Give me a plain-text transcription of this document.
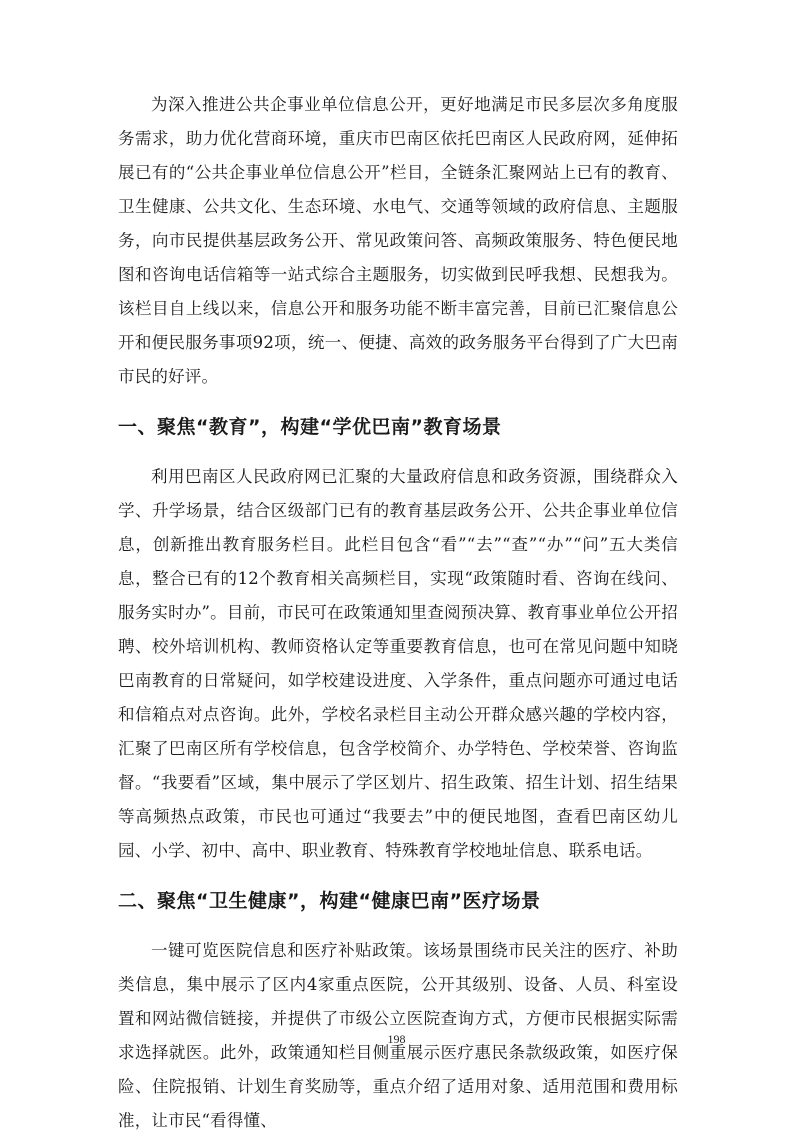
为深入推进公共企事业单位信息公开，更好地满足市民多层次多角度服务需求，助力优化营商环境，重庆市巴南区依托巴南区人民政府网，延伸拓展已有的“公共企事业单位信息公开”栏目，全链条汇聚网站上已有的教育、卫生健康、公共文化、生态环境、水电气、交通等领域的政府信息、主题服务，向市民提供基层政务公开、常见政策问答、高频政策服务、特色便民地图和咨询电话信箱等一站式综合主题服务，切实做到民呼我想、民想我为。该栏目自上线以来，信息公开和服务功能不断丰富完善，目前已汇聚信息公开和便民服务事项92项，统一、便捷、高效的政务服务平台得到了广大巴南市民的好评。

一、聚焦“教育”，构建“学优巴南”教育场景

利用巴南区人民政府网已汇聚的大量政府信息和政务资源，围绕群众入学、升学场景，结合区级部门已有的教育基层政务公开、公共企事业单位信息，创新推出教育服务栏目。此栏目包含“看”“去”“查”“办”“问”五大类信息，整合已有的12个教育相关高频栏目，实现“政策随时看、咨询在线问、服务实时办”。目前，市民可在政策通知里查阅预决算、教育事业单位公开招聘、校外培训机构、教师资格认定等重要教育信息，也可在常见问题中知晓巴南教育的日常疑问，如学校建设进度、入学条件，重点问题亦可通过电话和信箱点对点咨询。此外，学校名录栏目主动公开群众感兴趣的学校内容，汇聚了巴南区所有学校信息，包含学校简介、办学特色、学校荣誉、咨询监督。“我要看”区域，集中展示了学区划片、招生政策、招生计划、招生结果等高频热点政策，市民也可通过“我要去”中的便民地图，查看巴南区幼儿园、小学、初中、高中、职业教育、特殊教育学校地址信息、联系电话。

二、聚焦“卫生健康”，构建“健康巴南”医疗场景

一键可览医院信息和医疗补贴政策。该场景围绕市民关注的医疗、补助类信息，集中展示了区内4家重点医院，公开其级别、设备、人员、科室设置和网站微信链接，并提供了市级公立医院查询方式，方便市民根据实际需求选择就医。此外，政策通知栏目侧重展示医疗惠民条款级政策，如医疗保险、住院报销、计划生育奖励等，重点介绍了适用对象、适用范围和费用标准，让市民“看得懂、

198
